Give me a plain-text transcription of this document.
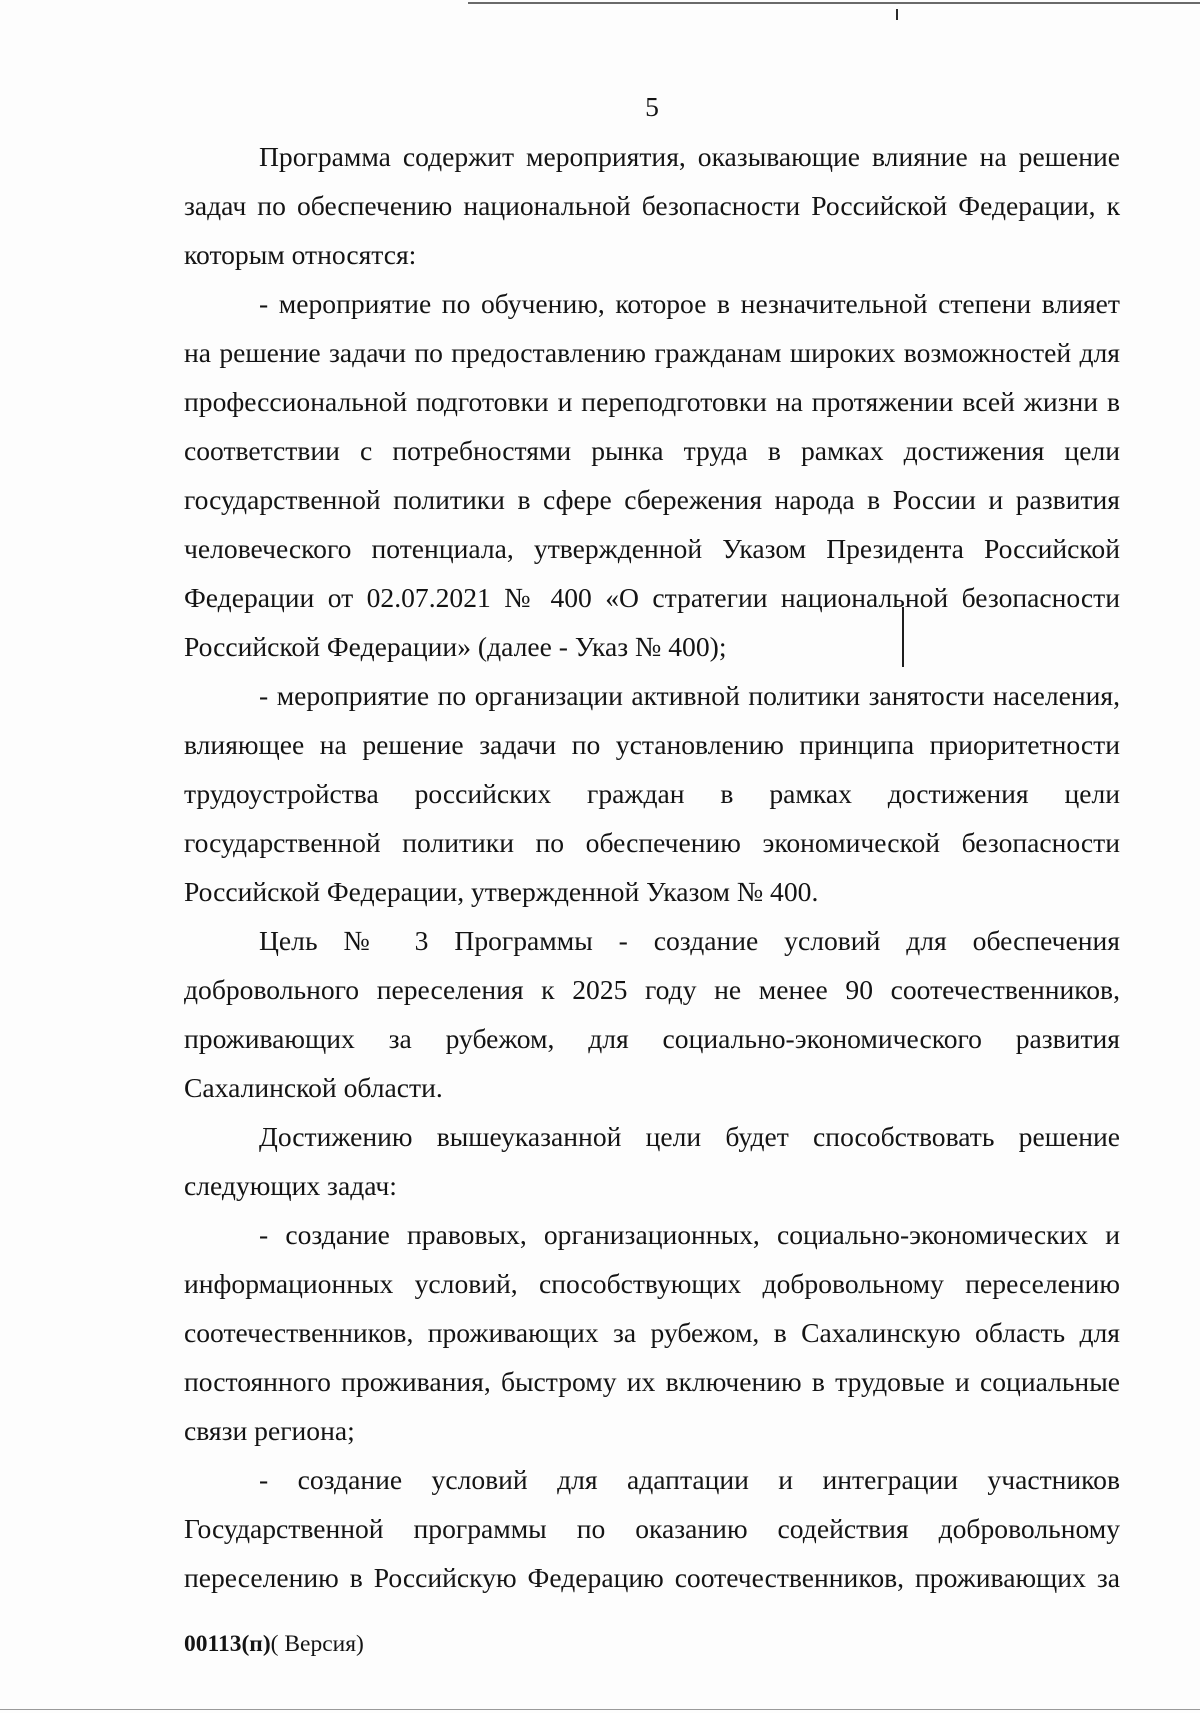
5
Программа содержит мероприятия, оказывающие влияние на решение
задач по обеспечению национальной безопасности Российской Федерации, к
которым относятся:
- мероприятие по обучению, которое в незначительной степени влияет
на решение задачи по предоставлению гражданам широких возможностей для
профессиональной подготовки и переподготовки на протяжении всей жизни в
соответствии с потребностями рынка труда в рамках достижения цели
государственной политики в сфере сбережения народа в России и развития
человеческого потенциала, утвержденной Указом Президента Российской
Федерации от 02.07.2021 № 400 «О стратегии национальной безопасности
Российской Федерации» (далее - Указ № 400);
- мероприятие по организации активной политики занятости населения,
влияющее на решение задачи по установлению принципа приоритетности
трудоустройства российских граждан в рамках достижения цели
государственной политики по обеспечению экономической безопасности
Российской Федерации, утвержденной Указом № 400.
Цель № 3 Программы - создание условий для обеспечения
добровольного переселения к 2025 году не менее 90 соотечественников,
проживающих за рубежом, для социально-экономического развития
Сахалинской области.
Достижению вышеуказанной цели будет способствовать решение
следующих задач:
- создание правовых, организационных, социально-экономических и
информационных условий, способствующих добровольному переселению
соотечественников, проживающих за рубежом, в Сахалинскую область для
постоянного проживания, быстрому их включению в трудовые и социальные
связи региона;
- создание условий для адаптации и интеграции участников
Государственной программы по оказанию содействия добровольному
переселению в Российскую Федерацию соотечественников, проживающих за
00113(п)( Версия)
